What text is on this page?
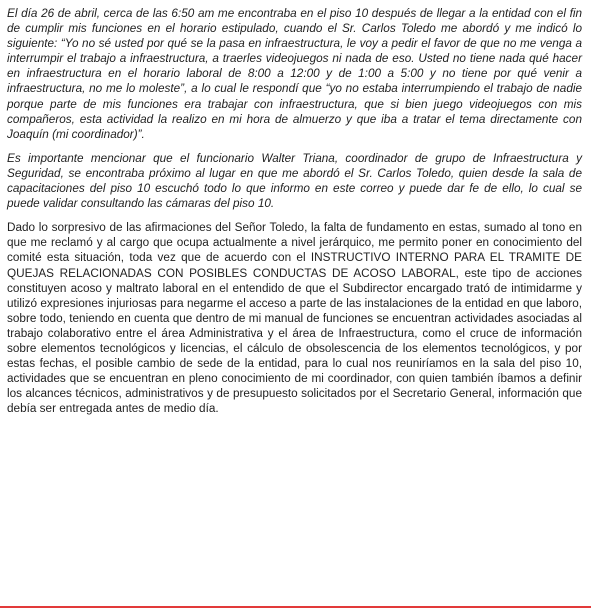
El día 26 de abril, cerca de las 6:50 am me encontraba en el piso 10 después de llegar a la entidad con el fin de cumplir mis funciones en el horario estipulado, cuando el Sr. Carlos Toledo me abordó y me indicó lo siguiente: “Yo no sé usted por qué se la pasa en infraestructura, le voy a pedir el favor de que no me venga a interrumpir el trabajo a infraestructura, a traerles videojuegos ni nada de eso. Usted no tiene nada qué hacer en infraestructura en el horario laboral de 8:00 a 12:00 y de 1:00 a 5:00 y no tiene por qué venir a infraestructura, no me lo moleste”, a lo cual le respondí que “yo no estaba interrumpiendo el trabajo de nadie porque parte de mis funciones era trabajar con infraestructura, que si bien juego videojuegos con mis compañeros, esta actividad la realizo en mi hora de almuerzo y que iba a tratar el tema directamente con Joaquín (mi coordinador)”.

Es importante mencionar que el funcionario Walter Triana, coordinador de grupo de Infraestructura y Seguridad, se encontraba próximo al lugar en que me abordó el Sr. Carlos Toledo, quien desde la sala de capacitaciones del piso 10 escuchó todo lo que informo en este correo y puede dar fe de ello, lo cual se puede validar consultando las cámaras del piso 10.

Dado lo sorpresivo de las afirmaciones del Señor Toledo, la falta de fundamento en estas, sumado al tono en que me reclamó y al cargo que ocupa actualmente a nivel jerárquico, me permito poner en conocimiento del comité esta situación, toda vez que de acuerdo con el INSTRUCTIVO INTERNO PARA EL TRAMITE DE QUEJAS RELACIONADAS CON POSIBLES CONDUCTAS DE ACOSO LABORAL, este tipo de acciones constituyen acoso y maltrato laboral en el entendido de que el Subdirector encargado trató de intimidarme y utilizó expresiones injuriosas para negarme el acceso a parte de las instalaciones de la entidad en que laboro, sobre todo, teniendo en cuenta que dentro de mi manual de funciones se encuentran actividades asociadas al trabajo colaborativo entre el área Administrativa y el área de Infraestructura, como el cruce de información sobre elementos tecnológicos y licencias, el cálculo de obsolescencia de los elementos tecnológicos, y por estas fechas, el posible cambio de sede de la entidad, para lo cual nos reuniríamos en la sala del piso 10, actividades que se encuentran en pleno conocimiento de mi coordinador, con quien también íbamos a definir los alcances técnicos, administrativos y de presupuesto solicitados por el Secretario General, información que debía ser entregada antes de medio día.
